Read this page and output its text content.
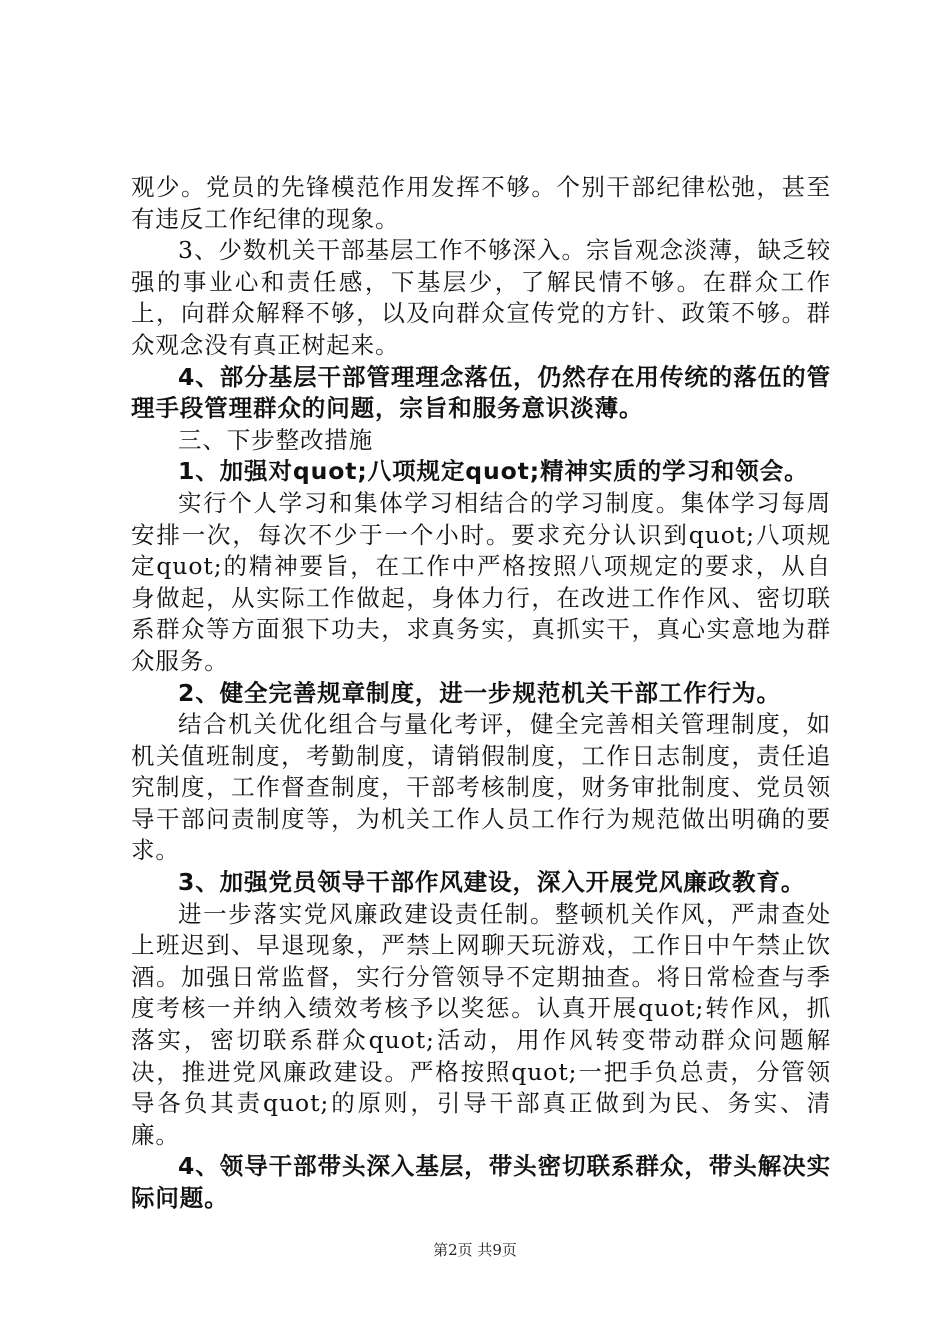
观少。党员的先锋模范作用发挥不够。个别干部纪律松弛，甚至有违反工作纪律的现象。

3、少数机关干部基层工作不够深入。宗旨观念淡薄，缺乏较强的事业心和责任感，下基层少，了解民情不够。在群众工作上，向群众解释不够，以及向群众宣传党的方针、政策不够。群众观念没有真正树起来。

4、部分基层干部管理理念落伍，仍然存在用传统的落伍的管理手段管理群众的问题，宗旨和服务意识淡薄。

三、下步整改措施

1、加强对quot;八项规定quot;精神实质的学习和领会。

实行个人学习和集体学习相结合的学习制度。集体学习每周安排一次，每次不少于一个小时。要求充分认识到quot;八项规定quot;的精神要旨，在工作中严格按照八项规定的要求，从自身做起，从实际工作做起，身体力行，在改进工作作风、密切联系群众等方面狠下功夫，求真务实，真抓实干，真心实意地为群众服务。

2、健全完善规章制度，进一步规范机关干部工作行为。

结合机关优化组合与量化考评，健全完善相关管理制度，如机关值班制度，考勤制度，请销假制度，工作日志制度，责任追究制度，工作督查制度，干部考核制度，财务审批制度、党员领导干部问责制度等，为机关工作人员工作行为规范做出明确的要求。

3、加强党员领导干部作风建设，深入开展党风廉政教育。

进一步落实党风廉政建设责任制。整顿机关作风，严肃查处上班迟到、早退现象，严禁上网聊天玩游戏，工作日中午禁止饮酒。加强日常监督，实行分管领导不定期抽查。将日常检查与季度考核一并纳入绩效考核予以奖惩。认真开展quot;转作风，抓落实，密切联系群众quot;活动，用作风转变带动群众问题解决，推进党风廉政建设。严格按照quot;一把手负总责，分管领导各负其责quot;的原则，引导干部真正做到为民、务实、清廉。

4、领导干部带头深入基层，带头密切联系群众，带头解决实际问题。

第2页 共9页
